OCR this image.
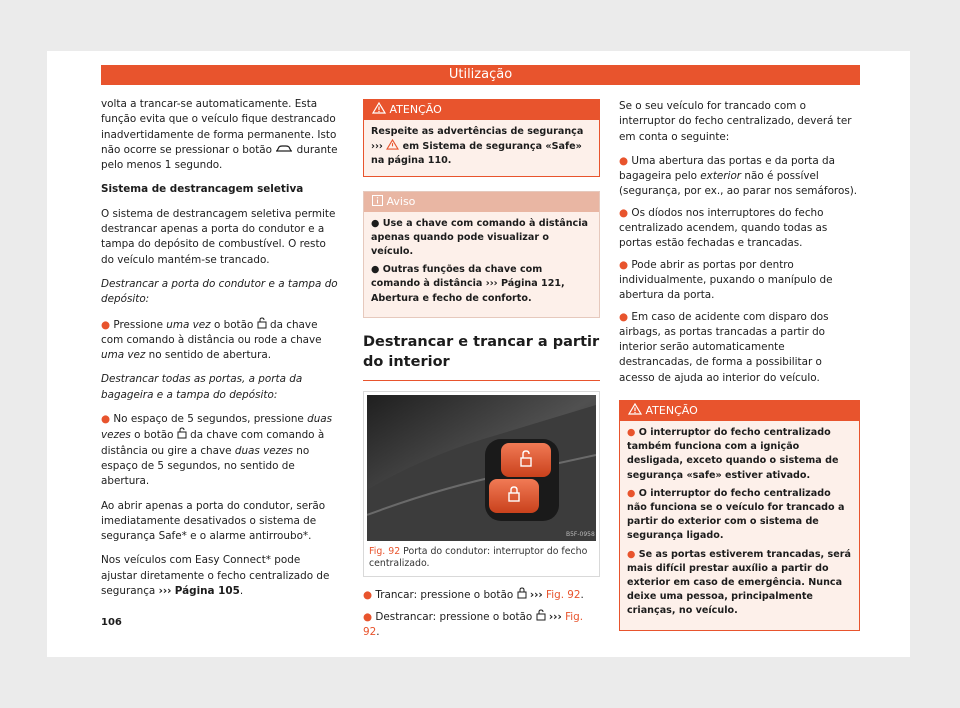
Utilização

volta a trancar-se automaticamente. Esta função evita que o veículo fique destrancado inadvertidamente de forma permanente. Isto não ocorre se pressionar o botão durante pelo menos 1 segundo.

Sistema de destrancagem seletiva

O sistema de destrancagem seletiva permite destrancar apenas a porta do condutor e a tampa do depósito de combustível. O resto do veículo mantém-se trancado.

Destrancar a porta do condutor e a tampa do depósito:

● Pressione uma vez o botão da chave com comando à distância ou rode a chave uma vez no sentido de abertura.

Destrancar todas as portas, a porta da bagageira e a tampa do depósito:

● No espaço de 5 segundos, pressione duas vezes o botão da chave com comando à distância ou gire a chave duas vezes no espaço de 5 segundos, no sentido de abertura.

Ao abrir apenas a porta do condutor, serão imediatamente desativados o sistema de segurança Safe* e o alarme antirroubo*.

Nos veículos com Easy Connect* pode ajustar diretamente o fecho centralizado de segurança ››› Página 105.

ATENÇÃO
Respeite as advertências de segurança
››› em Sistema de segurança «Safe» na página 110.
Aviso

● Use a chave com comando à distância apenas quando pode visualizar o veículo.

● Outras funções da chave com comando à distância ››› Página 121, Abertura e fecho de conforto.

Destrancar e trancar a partir do interior
B5F-0958
Fig. 92 Porta do condutor: interruptor do fecho centralizado.

● Trancar: pressione o botão ››› Fig. 92.

● Destrancar: pressione o botão ››› Fig. 92.

Se o seu veículo for trancado com o interruptor do fecho centralizado, deverá ter em conta o seguinte:

● Uma abertura das portas e da porta da bagageira pelo exterior não é possível (segurança, por ex., ao parar nos semáforos).

● Os díodos nos interruptores do fecho centralizado acendem, quando todas as portas estão fechadas e trancadas.

● Pode abrir as portas por dentro individualmente, puxando o manípulo de abertura da porta.

● Em caso de acidente com disparo dos airbags, as portas trancadas a partir do interior serão automaticamente destrancadas, de forma a possibilitar o acesso de ajuda ao interior do veículo.

ATENÇÃO

● O interruptor do fecho centralizado também funciona com a ignição desligada, exceto quando o sistema de segurança «safe» estiver ativado.

● O interruptor do fecho centralizado não funciona se o veículo for trancado a partir do exterior com o sistema de segurança ligado.

● Se as portas estiverem trancadas, será mais difícil prestar auxílio a partir do exterior em caso de emergência. Nunca deixe uma pessoa, principalmente crianças, no veículo.

106
